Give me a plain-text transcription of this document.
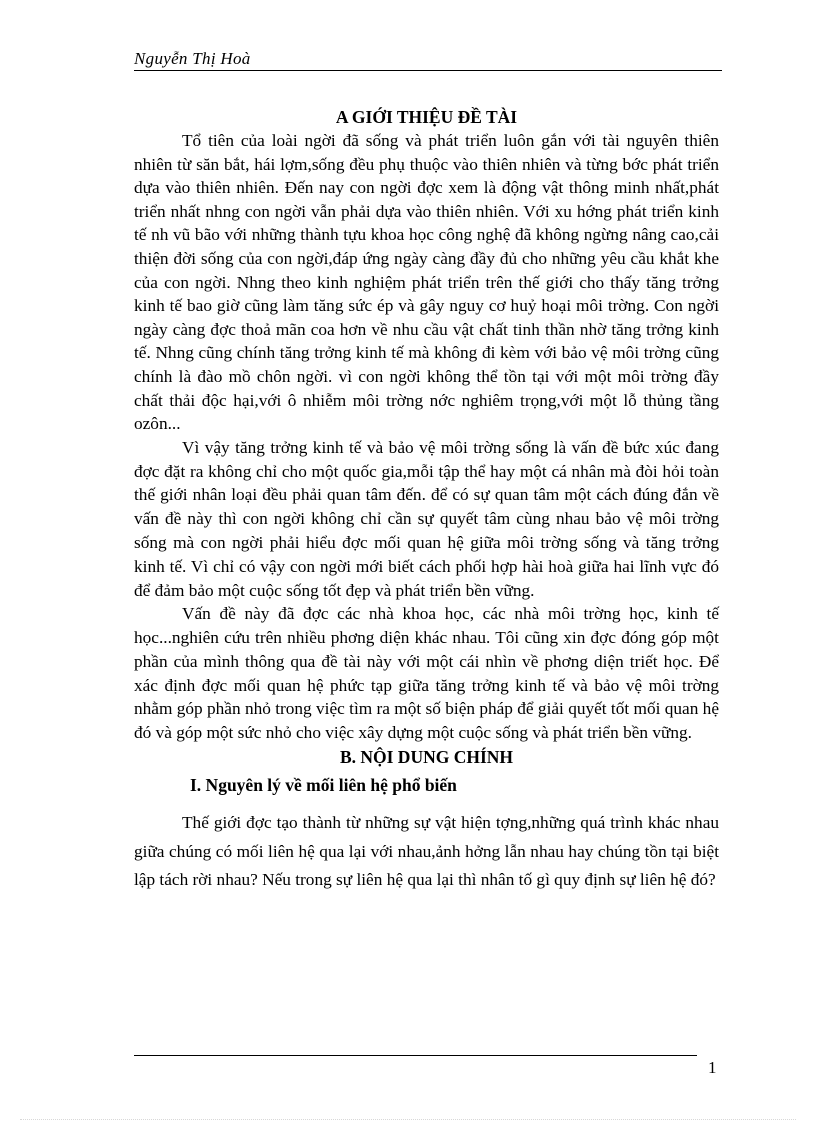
Nguyễn Thị Hoà
A GIỚI THIỆU ĐỀ TÀI

Tổ tiên của loài ngời đã sống và phát triển luôn gắn với tài nguyên thiên nhiên từ săn bắt, hái lợm,sống đều phụ thuộc vào thiên nhiên và từng bớc phát triển dựa vào thiên nhiên. Đến nay con ngời đợc xem là động vật thông minh nhất,phát triển nhất nhng con ngời vẫn phải dựa vào thiên nhiên. Với xu hớng phát triển kinh tế nh vũ bão với những thành tựu khoa học công nghệ đã không ngừng nâng cao,cải thiện đời sống của con ngời,đáp ứng ngày càng đầy đủ cho những yêu cầu khắt khe của con ngời. Nhng theo kinh nghiệm phát triển trên thế giới cho thấy tăng trởng kinh tế bao giờ cũng làm tăng sức ép và gây nguy cơ huỷ hoại môi trờng. Con ngời ngày càng đợc thoả mãn coa hơn về nhu cầu vật chất tinh thần nhờ tăng trởng kinh tế. Nhng cũng chính tăng trởng kinh tế mà không đi kèm với bảo vệ môi trờng cũng chính là đào mồ chôn ngời. vì con ngời không thể tồn tại với một môi trờng đầy chất thải độc hại,với ô nhiễm môi trờng nớc nghiêm trọng,với một lỗ thủng tầng ozôn...

Vì vậy tăng trởng kinh tế và bảo vệ môi trờng sống là vấn đề bức xúc đang đợc đặt ra không chỉ cho một quốc gia,mỗi tập thể hay một cá nhân mà đòi hỏi toàn thế giới nhân loại đều phải quan tâm đến. để có sự quan tâm một cách đúng đắn về vấn đề này thì con ngời không chỉ cần sự quyết tâm cùng nhau bảo vệ môi trờng sống mà con ngời phải hiểu đợc mối quan hệ giữa môi trờng sống và tăng trởng kinh tế. Vì chỉ có vậy con ngời mới biết cách phối hợp hài hoà giữa hai lĩnh vực đó để đảm bảo một cuộc sống tốt đẹp và phát triển bền vững.

Vấn đề này đã đợc các nhà khoa học, các nhà môi trờng học, kinh tế học...nghiên cứu trên nhiều phơng diện khác nhau. Tôi cũng xin đợc đóng góp một phần của mình thông qua đề tài này với một cái nhìn về phơng diện triết học. Để xác định đợc mối quan hệ phức tạp giữa tăng trởng kinh tế và bảo vệ môi trờng nhằm góp phần nhỏ trong việc tìm ra một số biện pháp để giải quyết tốt mối quan hệ đó và góp một sức nhỏ cho việc xây dựng một cuộc sống và phát triển bền vững.

B. NỘI DUNG CHÍNH
I. Nguyên lý về mối liên hệ phổ biến

Thế giới đợc tạo thành từ những sự vật hiện tợng,những quá trình khác nhau giữa chúng có mối liên hệ qua lại với nhau,ảnh hởng lẫn nhau hay chúng tồn tại biệt lập tách rời nhau? Nếu trong sự liên hệ qua lại thì nhân tố gì quy định sự liên hệ đó?

1
